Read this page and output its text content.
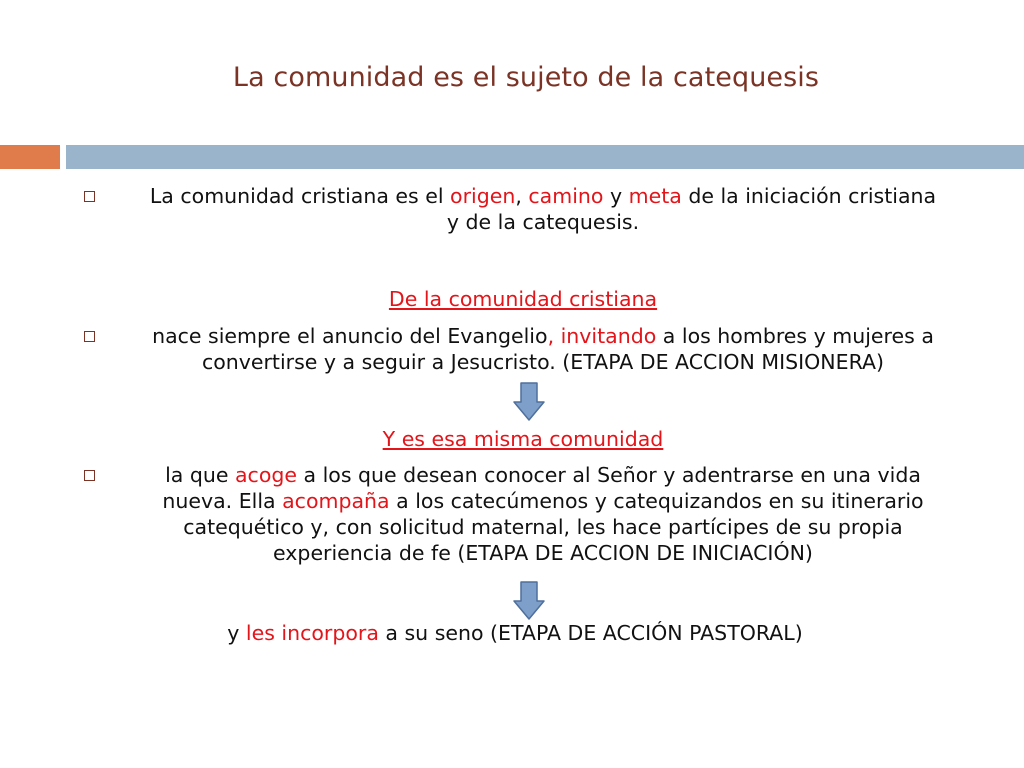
La comunidad es el sujeto de la catequesis
La comunidad cristiana es el origen, camino y meta de la iniciación cristiana
y de la catequesis.
De la comunidad cristiana
nace siempre el anuncio del Evangelio, invitando a los hombres y mujeres a
convertirse y a seguir a Jesucristo. (ETAPA DE ACCION MISIONERA)
Y es esa misma comunidad
la que acoge a los que desean conocer al Señor y adentrarse en una vida
nueva. Ella acompaña a los catecúmenos y catequizandos en su itinerario
catequético y, con solicitud maternal, les hace partícipes de su propia
experiencia de fe (ETAPA DE ACCION DE INICIACIÓN)
y les incorpora a su seno (ETAPA DE ACCIÓN PASTORAL)
